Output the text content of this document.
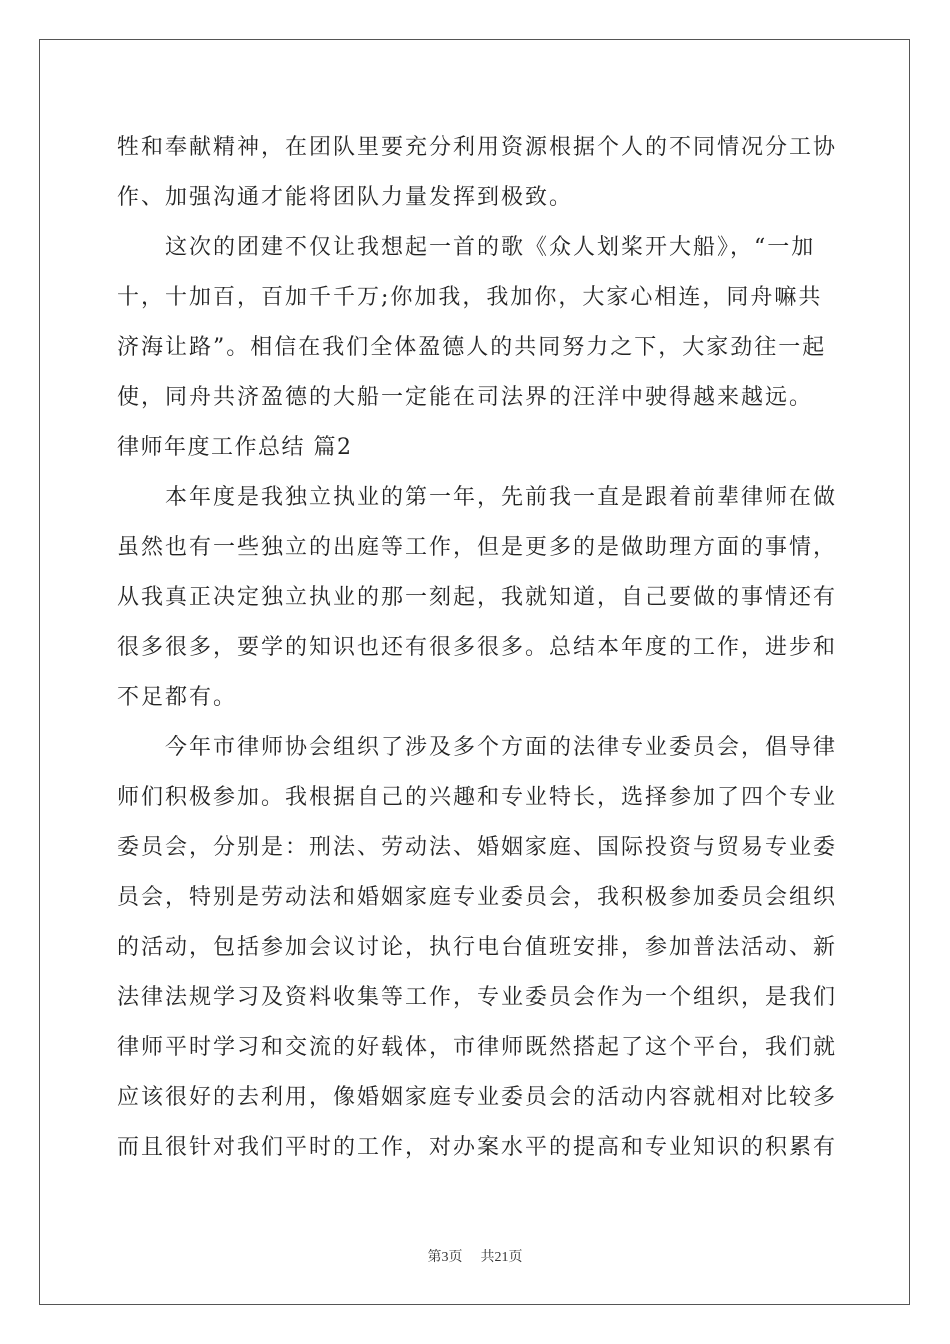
牲和奉献精神，在团队里要充分利用资源根据个人的不同情况分工协
作、加强沟通才能将团队力量发挥到极致。
这次的团建不仅让我想起一首的歌《众人划桨开大船》，“一加
十，十加百，百加千千万;你加我，我加你，大家心相连，同舟嘛共
济海让路”。相信在我们全体盈德人的共同努力之下，大家劲往一起
使，同舟共济盈德的大船一定能在司法界的汪洋中驶得越来越远。
律师年度工作总结 篇2
本年度是我独立执业的第一年，先前我一直是跟着前辈律师在做
虽然也有一些独立的出庭等工作，但是更多的是做助理方面的事情，
从我真正决定独立执业的那一刻起，我就知道，自己要做的事情还有
很多很多，要学的知识也还有很多很多。总结本年度的工作，进步和
不足都有。
今年市律师协会组织了涉及多个方面的法律专业委员会，倡导律
师们积极参加。我根据自己的兴趣和专业特长，选择参加了四个专业
委员会，分别是：刑法、劳动法、婚姻家庭、国际投资与贸易专业委
员会，特别是劳动法和婚姻家庭专业委员会，我积极参加委员会组织
的活动，包括参加会议讨论，执行电台值班安排，参加普法活动、新
法律法规学习及资料收集等工作，专业委员会作为一个组织，是我们
律师平时学习和交流的好载体，市律师既然搭起了这个平台，我们就
应该很好的去利用，像婚姻家庭专业委员会的活动内容就相对比较多
而且很针对我们平时的工作，对办案水平的提高和专业知识的积累有
第3页 共21页
